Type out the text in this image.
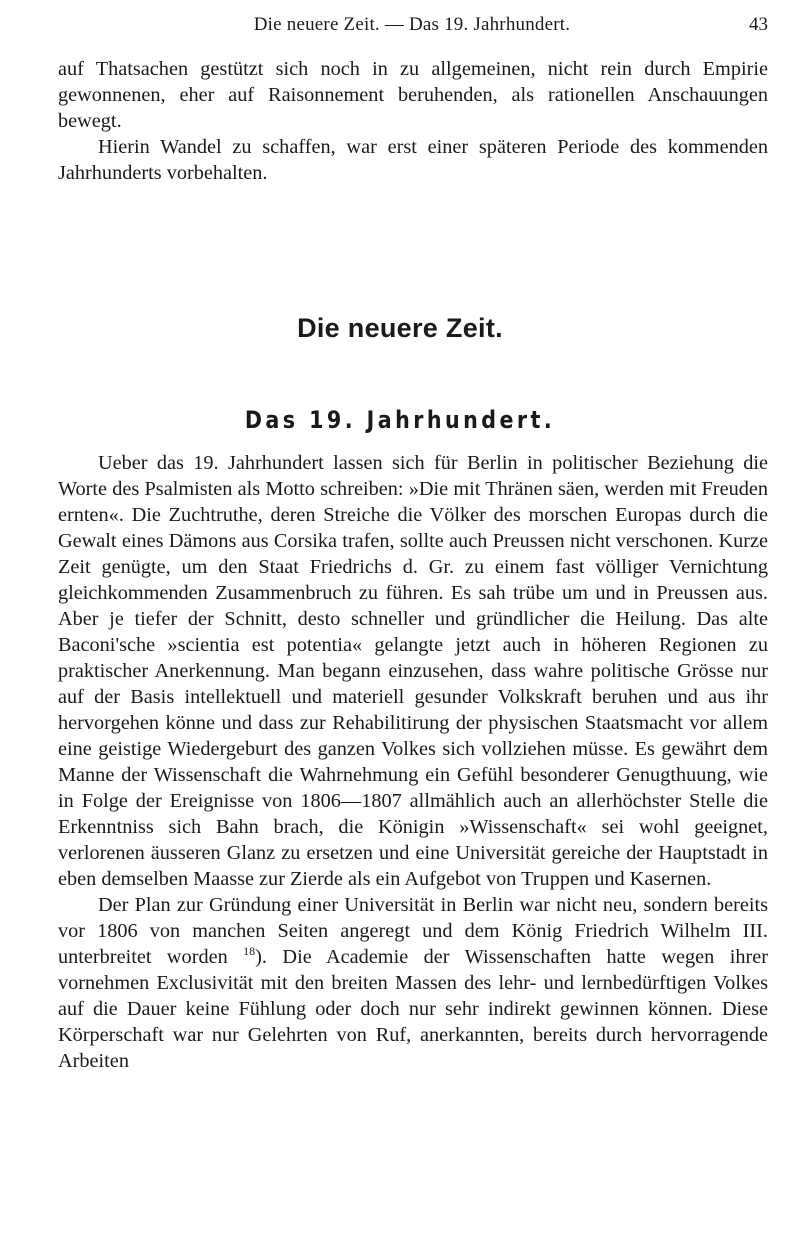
Die neuere Zeit. — Das 19. Jahrhundert.	43

auf Thatsachen gestützt sich noch in zu allgemeinen, nicht rein durch Empirie gewonnenen, eher auf Raisonnement beruhenden, als rationellen Anschauungen bewegt.

Hierin Wandel zu schaffen, war erst einer späteren Periode des kommenden Jahrhunderts vorbehalten.

Die neuere Zeit.
Das 19. Jahrhundert.

Ueber das 19. Jahrhundert lassen sich für Berlin in politischer Beziehung die Worte des Psalmisten als Motto schreiben: »Die mit Thränen säen, werden mit Freuden ernten«. Die Zuchtruthe, deren Streiche die Völker des morschen Europas durch die Gewalt eines Dämons aus Corsika trafen, sollte auch Preussen nicht verschonen. Kurze Zeit genügte, um den Staat Friedrichs d. Gr. zu einem fast völliger Vernichtung gleichkommenden Zusammenbruch zu führen. Es sah trübe um und in Preussen aus. Aber je tiefer der Schnitt, desto schneller und gründlicher die Heilung. Das alte Baconi'sche »scientia est potentia« gelangte jetzt auch in höheren Regionen zu praktischer Anerkennung. Man begann einzusehen, dass wahre politische Grösse nur auf der Basis intellektuell und materiell gesunder Volkskraft beruhen und aus ihr hervorgehen könne und dass zur Rehabilitirung der physischen Staatsmacht vor allem eine geistige Wiedergeburt des ganzen Volkes sich vollziehen müsse. Es gewährt dem Manne der Wissenschaft die Wahrnehmung ein Gefühl besonderer Genugthuung, wie in Folge der Ereignisse von 1806—1807 allmählich auch an allerhöchster Stelle die Erkenntniss sich Bahn brach, die Königin »Wissenschaft« sei wohl geeignet, verlorenen äusseren Glanz zu ersetzen und eine Universität gereiche der Hauptstadt in eben demselben Maasse zur Zierde als ein Aufgebot von Truppen und Kasernen.

Der Plan zur Gründung einer Universität in Berlin war nicht neu, sondern bereits vor 1806 von manchen Seiten angeregt und dem König Friedrich Wilhelm III. unterbreitet worden $^{18}$). Die Academie der Wissenschaften hatte wegen ihrer vornehmen Exclusivität mit den breiten Massen des lehr- und lernbedürftigen Volkes auf die Dauer keine Fühlung oder doch nur sehr indirekt gewinnen können. Diese Körperschaft war nur Gelehrten von Ruf, anerkannten, bereits durch hervorragende Arbeiten
